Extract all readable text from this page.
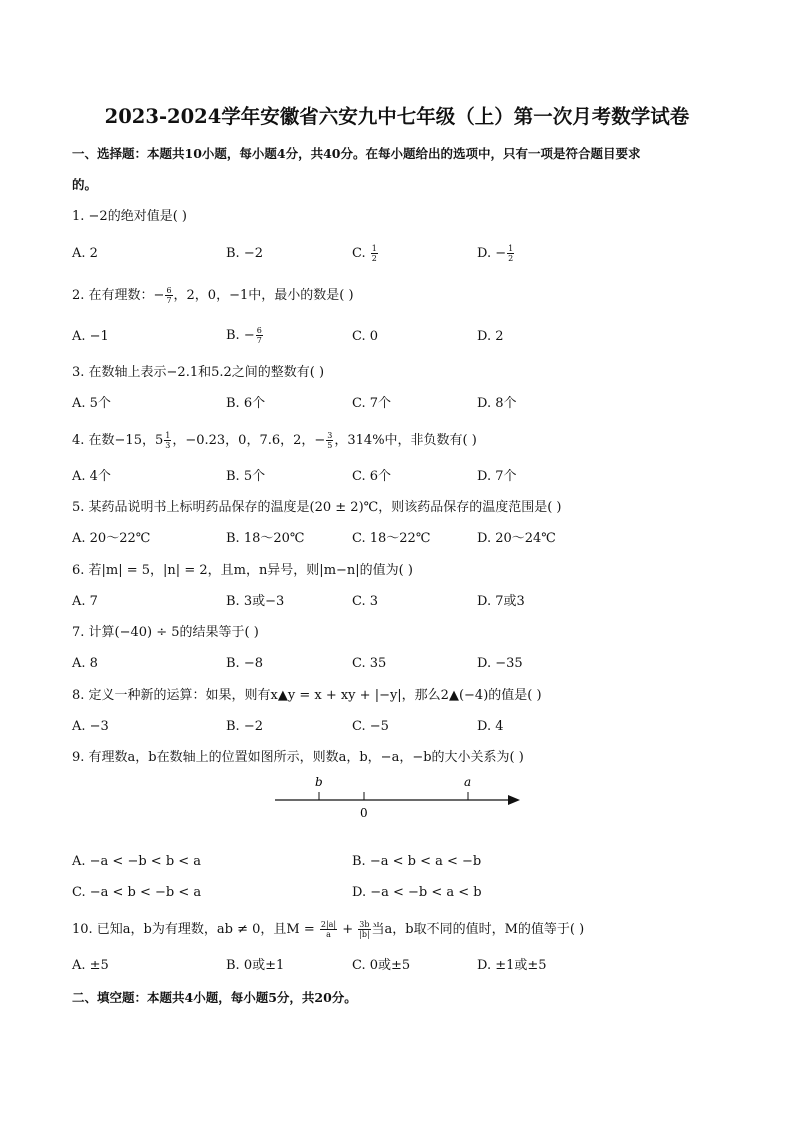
2023-2024学年安徽省六安九中七年级（上）第一次月考数学试卷
一、选择题：本题共10小题，每小题4分，共40分。在每小题给出的选项中，只有一项是符合题目要求
的。
1. −2的绝对值是( )
A. 2	B. −2	C. $\frac{1}{2}$	D. − $\frac{1}{2}$
2. 在有理数：− $\frac{6}{7}$ ，2，0，−1中，最小的数是( )
A. −1	B. − $\frac{6}{7}$	C. 0	D. 2
3. 在数轴上表示−2.1和5.2之间的整数有( )
A. 5个	B. 6个	C. 7个	D. 8个
4. 在数−15，$5 \frac{1}{3}$ ，−0.23，0，7.6，2，− $\frac{3}{5}$ ，314%中，非负数有( )
A. 4个	B. 5个	C. 6个	D. 7个
5. 某药品说明书上标明药品保存的温度是(20 ± 2)℃，则该药品保存的温度范围是( )
A. 20～22℃	B. 18～20℃	C. 18～22℃	D. 20～24℃
6. 若|m| = 5，|n| = 2，且m，n异号，则|m−n|的值为( )
A. 7	B. 3或−3	C. 3	D. 7或3
7. 计算(−40) ÷ 5的结果等于( )
A. 8	B. −8	C. 35	D. −35
8. 定义一种新的运算：如果，则有x▲y = x + xy + |−y|，那么2▲(−4)的值是( )
A. −3	B. −2	C. −5	D. 4
9. 有理数a，b在数轴上的位置如图所示，则数a，b，−a，−b的大小关系为( )
b	a
0
A. −a < −b < b < a	B. −a < b < a < −b
C. −a < b < −b < a	D. −a < −b < a < b
10. 已知a，b为有理数，ab ≠ 0，且$M = \frac{2|a|}{a} + \frac{3b}{|b|}$ 当a，b取不同的值时，M的值等于( )
A. ±5	B. 0或±1	C. 0或±5	D. ±1或±5
二、填空题：本题共4小题，每小题5分，共20分。
